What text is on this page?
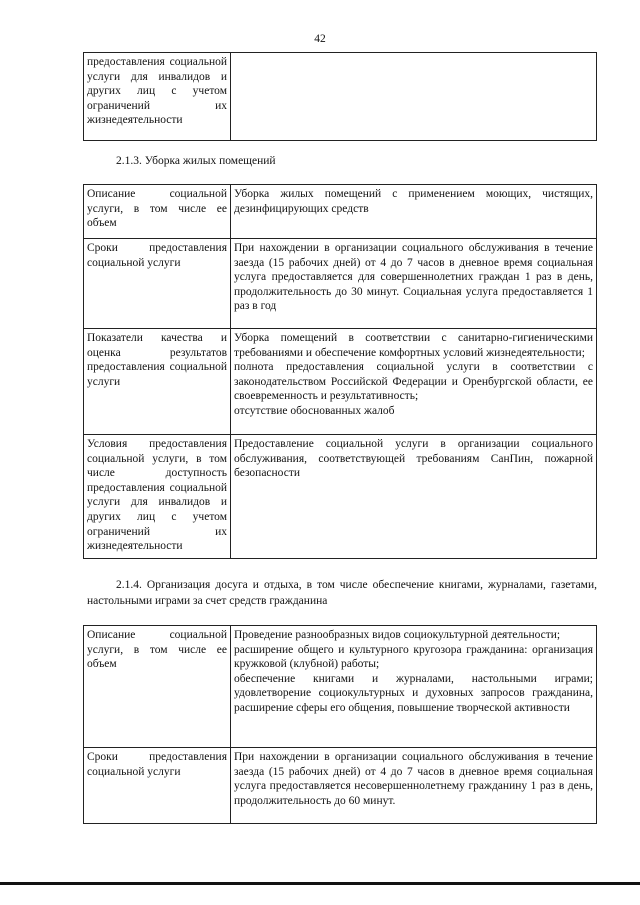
42
предоставления социальной услуги для инвалидов и других лиц с учетом ограничений их жизнедеятельности	
2.1.3. Уборка жилых помещений
Описание социальной услуги, в том числе ее объем	Уборка жилых помещений с применением моющих, чистящих, дезинфицирующих средств

Сроки предоставления социальной услуги	При нахождении в организации социального обслуживания в течение заезда (15 рабочих дней) от 4 до 7 часов в дневное время социальная услуга предоставляется для совершеннолетних граждан 1 раз в день, продолжительность до 30 минут. Социальная услуга предоставляется 1 раз в год

Показатели качества и оценка результатов предоставления социальной услуги	Уборка помещений в соответствии с санитарно-гигиеническими требованиями и обеспечение комфортных условий жизнедеятельности;
полнота предоставления социальной услуги в соответствии с законодательством Российской Федерации и Оренбургской области, ее своевременность и результативность;
отсутствие обоснованных жалоб

Условия предоставления социальной услуги, в том числе доступность предоставления социальной услуги для инвалидов и других лиц с учетом ограничений их жизнедеятельности	Предоставление социальной услуги в организации социального обслуживания, соответствующей требованиям СанПин, пожарной безопасности
2.1.4. Организация досуга и отдыха, в том числе обеспечение книгами, журналами, газетами, настольными играми за счет средств гражданина
Описание социальной услуги, в том числе ее объем	Проведение разнообразных видов социокультурной деятельности;
расширение общего и культурного кругозора гражданина: организация кружковой (клубной) работы;
обеспечение книгами и журналами, настольными играми; удовлетворение социокультурных и духовных запросов гражданина, расширение сферы его общения, повышение творческой активности

Сроки предоставления социальной услуги	При нахождении в организации социального обслуживания в течение заезда (15 рабочих дней) от 4 до 7 часов в дневное время социальная услуга предоставляется несовершеннолетнему гражданину 1 раз в день, продолжительность до 60 минут.
